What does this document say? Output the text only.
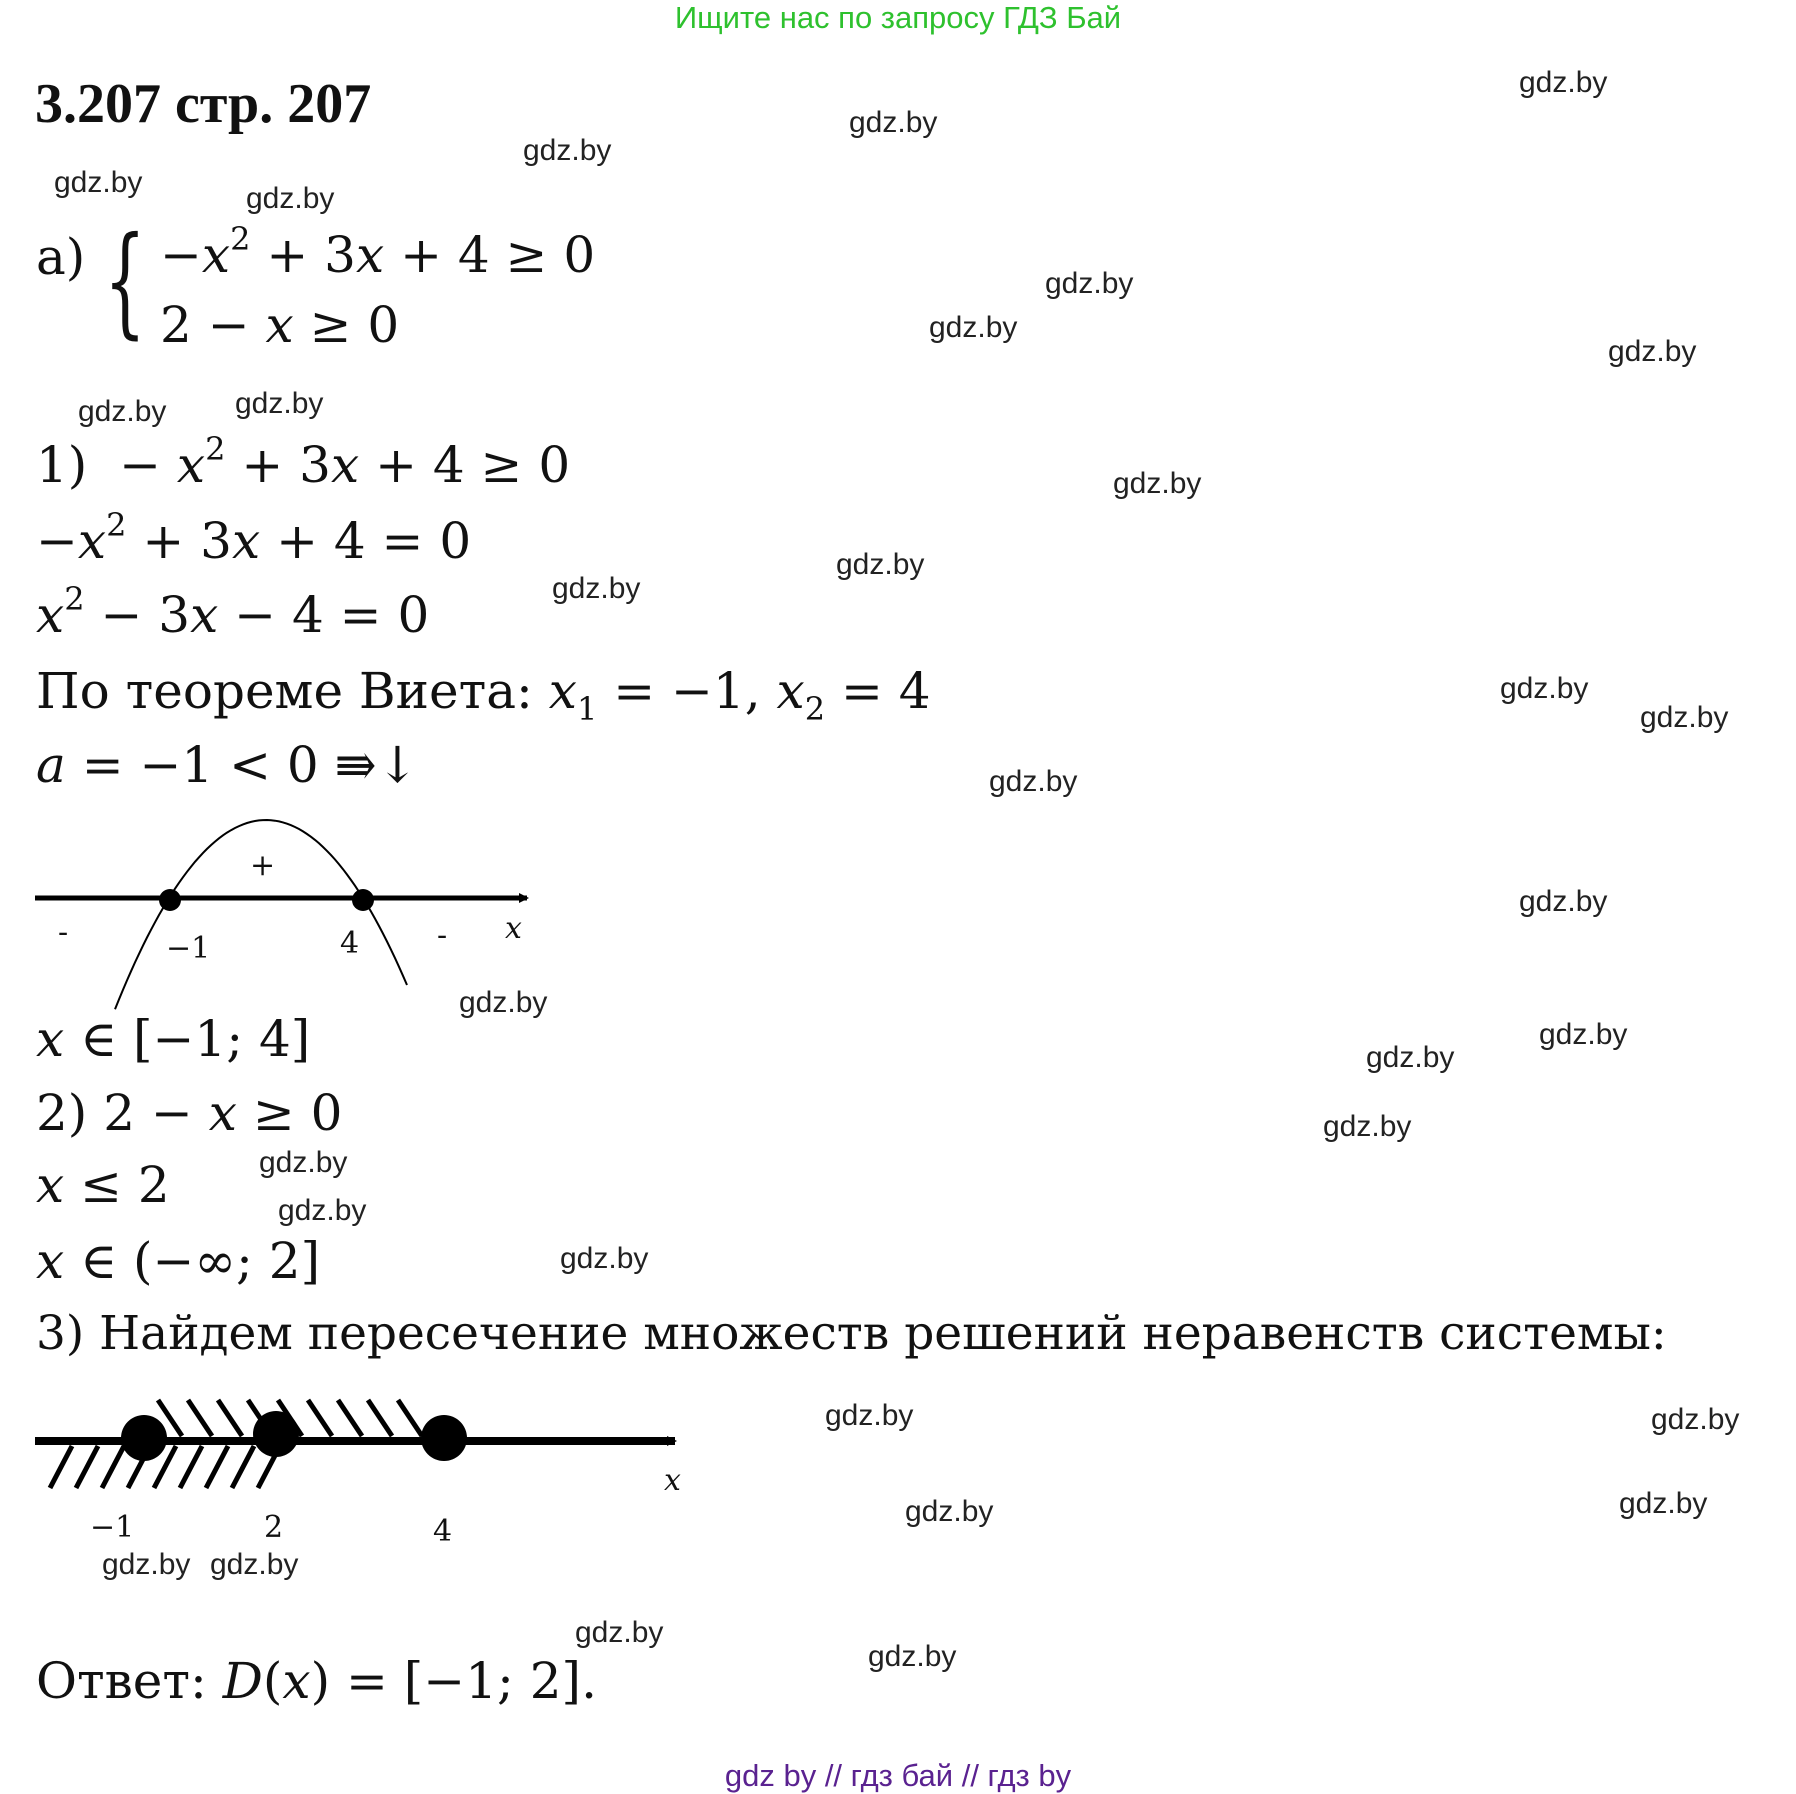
Ищите нас по запросу ГДЗ Бай
3.207 стр. 207
{
$а) -x^2 + 3x + 4 \ge 0$
2 − x ≥ 0
$1) - x^2 + 3x + 4 \ge 0$
$-x^2 + 3x + 4 = 0$
$x^2 - 3x - 4 = 0$
По теореме Виета: $x_1 = -1$, $x_2 = 4$
a = −1 < 0 ⇛↓
x ∈ [−1; 4]
2) 2 − x ≥ 0
x ≤ 2
x ∈ (−∞; 2]
3) Найдем пересечение множеств решений неравенств системы:
Ответ: D(x) = [−1; 2].
+
-	-
−1	4	x
−1	2	4
x
gdz.by
gdz.by
gdz.by
gdz.by	gdz.by
gdz.by
gdz.by
gdz.by
gdz.by gdz.by
gdz.by
gdz.by
gdz.by
gdz.by
gdz.by
gdz.by
gdz.by
gdz.by
gdz.by
gdz.by
gdz.by
gdz.by
gdz.by
gdz.by
gdz.by	gdz.by
gdz.by
gdz.by
gdz.by gdz.by
gdz.by
gdz.by
gdz by // гдз бай // гдз by
